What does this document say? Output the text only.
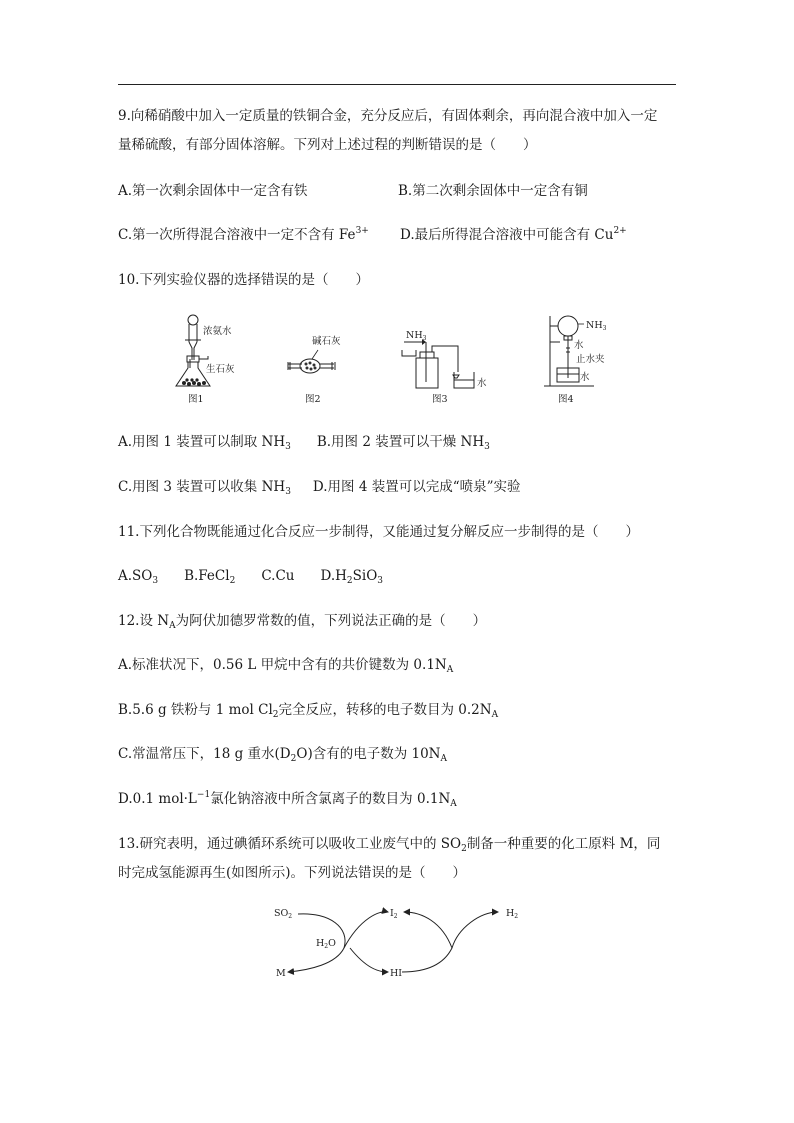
9.向稀硝酸中加入一定质量的铁铜合金，充分反应后，有固体剩余，再向混合液中加入一定
量稀硫酸，有部分固体溶解。下列对上述过程的判断错误的是（　　）
A.第一次剩余固体中一定含有铁	B.第二次剩余固体中一定含有铜
C.第一次所得混合溶液中一定不含有 $Fe^{3+}$ D.最后所得混合溶液中可能含有 $Cu^{2+}$
10.下列实验仪器的选择错误的是（　　）
浓氨水
生石灰
图1
碱石灰
图2
$NH_3$
水
图3
$NH_3$
水
止水夹
水
图4
A.用图 1 装置可以制取 $NH_3$ B.用图 2 装置可以干燥 $NH_3$
C.用图 3 装置可以收集 $NH_3$ D.用图 4 装置可以完成“喷泉”实验
11.下列化合物既能通过化合反应一步制得，又能通过复分解反应一步制得的是（　　）
$A.SO_3$ B.FeCl$_2$ C.Cu $D.H_2SiO_3$
12.设 $N_A$为阿伏加德罗常数的值，下列说法正确的是（　　）
A.标准状况下，0.56 L 甲烷中含有的共价键数为 $0.1N_A$
B.5.6 g 铁粉与 1 mol $Cl_2$完全反应，转移的电子数目为 $0.2N_A$
C.常温常压下，18 g 重水$(D_2O)$含有的电子数为 $10N_A$
D.0.1 $mol\cdot L^{-1}$氯化钠溶液中所含氯离子的数目为 $0.1N_A$
13.研究表明，通过碘循环系统可以吸收工业废气中的 $SO_2$制备一种重要的化工原料 M，同
时完成氢能源再生(如图所示)。下列说法错误的是（　　）
$SO_2$	$I_2$	$H_2$
$H_2O$
M	HI
